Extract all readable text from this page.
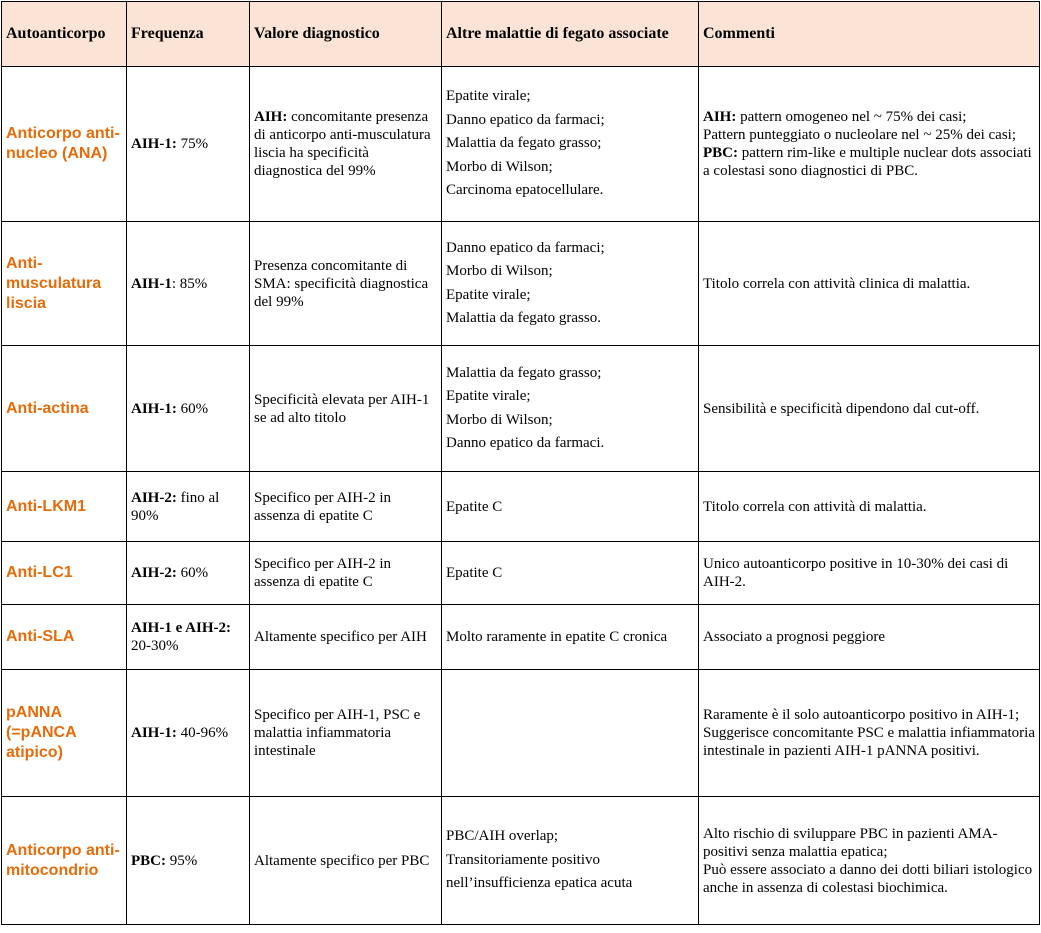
Autoanticorpo	Frequenza	Valore diagnostico	Altre malattie di fegato associate	Commenti
Anticorpo anti-nucleo (ANA)	AIH-1: 75%	AIH: concomitante presenza di anticorpo anti-musculatura liscia ha specificità diagnostica del 99%	Epatite virale;
Danno epatico da farmaci;
Malattia da fegato grasso;
Morbo di Wilson;
Carcinoma epatocellulare.	AIH: pattern omogeneo nel ~ 75% dei casi;
Pattern punteggiato o nucleolare nel ~ 25% dei casi;
PBC: pattern rim-like e multiple nuclear dots associati a colestasi sono diagnostici di PBC.

Anti-musculatura liscia	AIH-1: 85%	Presenza concomitante di SMA: specificità diagnostica del 99%	Danno epatico da farmaci;
Morbo di Wilson;
Epatite virale;
Malattia da fegato grasso.	Titolo correla con attività clinica di malattia.

Anti-actina	AIH-1: 60%	Specificità elevata per AIH-1 se ad alto titolo	Malattia da fegato grasso;
Epatite virale;
Morbo di Wilson;
Danno epatico da farmaci.	Sensibilità e specificità dipendono dal cut-off.

Anti-LKM1	AIH-2: fino al 90%	Specifico per AIH-2 in assenza di epatite C	Epatite C	Titolo correla con attività di malattia.

Anti-LC1	AIH-2: 60%	Specifico per AIH-2 in assenza di epatite C	Epatite C	Unico autoanticorpo positive in 10-30% dei casi di AIH-2.

Anti-SLA	AIH-1 e AIH-2: 20-30%	Altamente specifico per AIH	Molto raramente in epatite C cronica	Associato a prognosi peggiore

pANNA (=pANCA atipico)	AIH-1: 40-96%	Specifico per AIH-1, PSC e malattia infiammatoria intestinale		Raramente è il solo autoanticorpo positivo in AIH-1;
Suggerisce concomitante PSC e malattia infiammatoria intestinale in pazienti AIH-1 pANNA positivi.

Anticorpo anti-mitocondrio	PBC: 95%	Altamente specifico per PBC	PBC/AIH overlap;
Transitoriamente positivo nell’insufficienza epatica acuta	Alto rischio di sviluppare PBC in pazienti AMA-positivi senza malattia epatica;
Può essere associato a danno dei dotti biliari istologico anche in assenza di colestasi biochimica.
